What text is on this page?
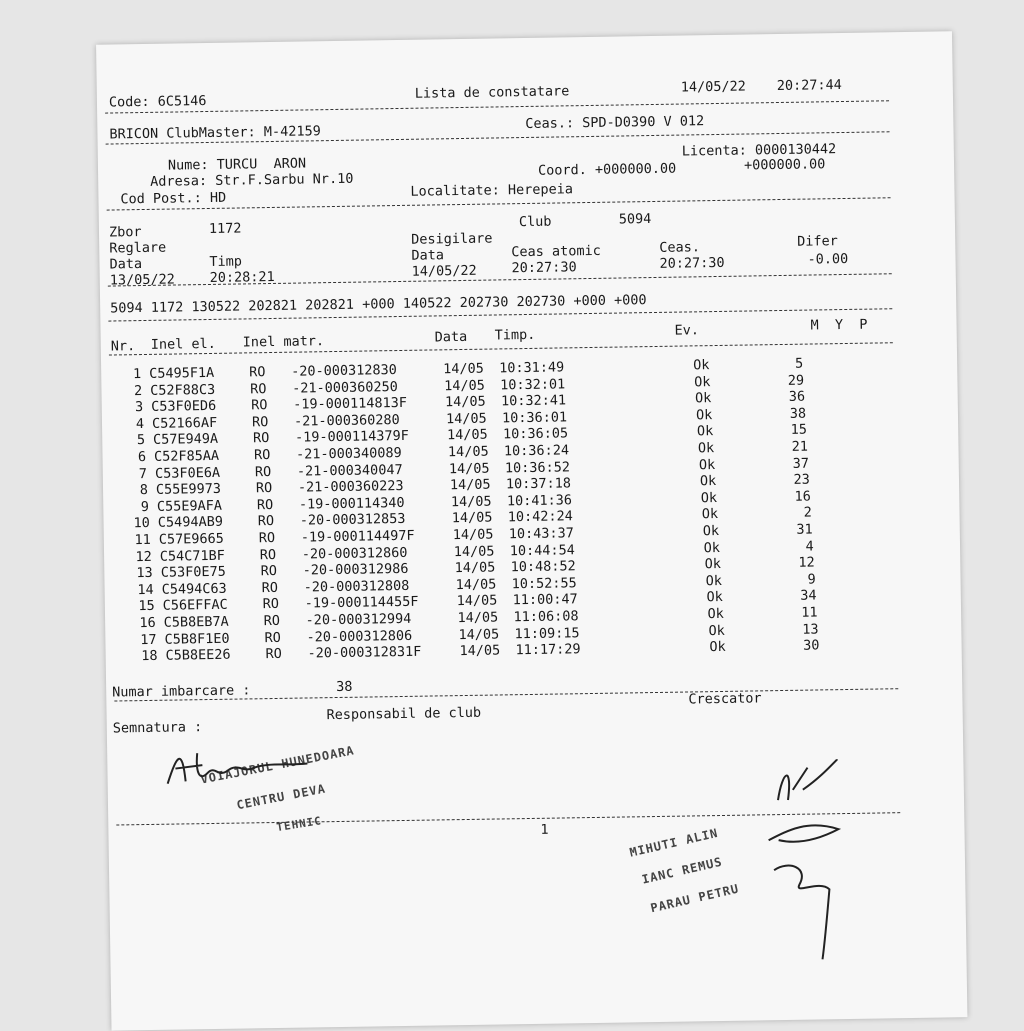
Code: 6C5146
Lista de constatare	14/05/22 20:27:44
BRICON ClubMaster: M-42159
Ceas.: SPD-D0390 V 012
Nume: TURCU  ARON
Licenta: 0000130442
Adresa: Str.F.Sarbu Nr.10
Coord. +000000.00	+000000.00
Cod Post.: HD	Localitate: Herepeia
Zbor	1172	Club	5094
Reglare
Desigilare
Data	Timp	Data	Ceas atomic	Ceas.	Difer
13/05/22	20:28:21	14/05/22	20:27:30	20:27:30	-0.00
5094 1172 130522 202821 202821 +000 140522 202730 202730 +000 +000
Nr. Inel el. Inel matr.	Data Timp.	Ev.	M  Y  P
1 C5495F1A	RO -20-000312830	14/05 10:31:49	Ok	5
2 C52F88C3	RO -21-000360250	14/05 10:32:01	Ok	29
3 C53F0ED6	RO -19-000114813F	14/05 10:32:41	Ok	36
4 C52166AF	RO -21-000360280	14/05 10:36:01	Ok	38
5 C57E949A	RO -19-000114379F	14/05 10:36:05	Ok	15
6 C52F85AA	RO -21-000340089	14/05 10:36:24	Ok	21
7 C53F0E6A	RO -21-000340047	14/05 10:36:52	Ok	37
8 C55E9973	RO -21-000360223	14/05 10:37:18	Ok	23
9 C55E9AFA	RO -19-000114340	14/05 10:41:36	Ok	16
10 C5494AB9	RO -20-000312853	14/05 10:42:24	Ok	2
11 C57E9665	RO -19-000114497F	14/05 10:43:37	Ok	31
12 C54C71BF	RO -20-000312860	14/05 10:44:54	Ok	4
13 C53F0E75	RO -20-000312986	14/05 10:48:52	Ok	12
14 C5494C63	RO -20-000312808	14/05 10:52:55	Ok	9
15 C56EFFAC	RO -19-000114455F	14/05 11:00:47	Ok	34
16 C5B8EB7A	RO -20-000312994	14/05 11:06:08	Ok	11
17 C5B8F1E0	RO -20-000312806	14/05 11:09:15	Ok	13
18 C5B8EE26	RO -20-000312831F	14/05 11:17:29	Ok	30
Numar imbarcare :	38
Semnatura :
Responsabil de club
Crescator
VOIAJORUL HUNEDOARA
CENTRU DEVA
TEHNIC	1	MIHUTI ALIN
IANC REMUS
PARAU PETRU
